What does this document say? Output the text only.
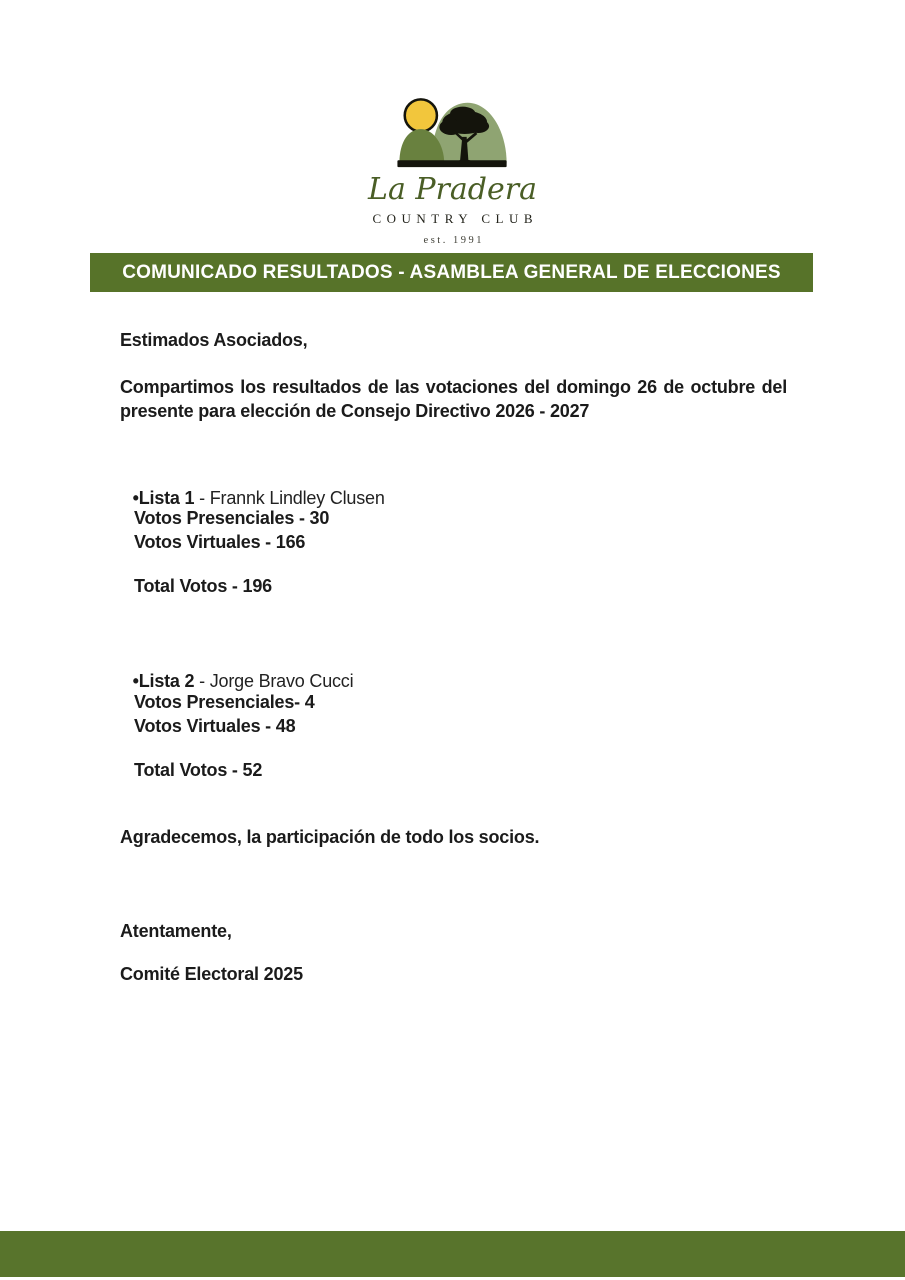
La Pradera
COUNTRY CLUB
est. 1991
COMUNICADO RESULTADOS - ASAMBLEA GENERAL DE ELECCIONES
Estimados Asociados,
Compartimos los resultados de las votaciones del domingo 26 de octubre del
presente para elección de Consejo Directivo 2026 - 2027

•Lista 1 - Frannk Lindley Clusen

Votos Presenciales - 30
Votos Virtuales - 166
Total Votos - 196

•Lista 2 - Jorge Bravo Cucci

Votos Presenciales- 4
Votos Virtuales - 48
Total Votos - 52
Agradecemos, la participación de todo los socios.
Atentamente,
Comité Electoral 2025
